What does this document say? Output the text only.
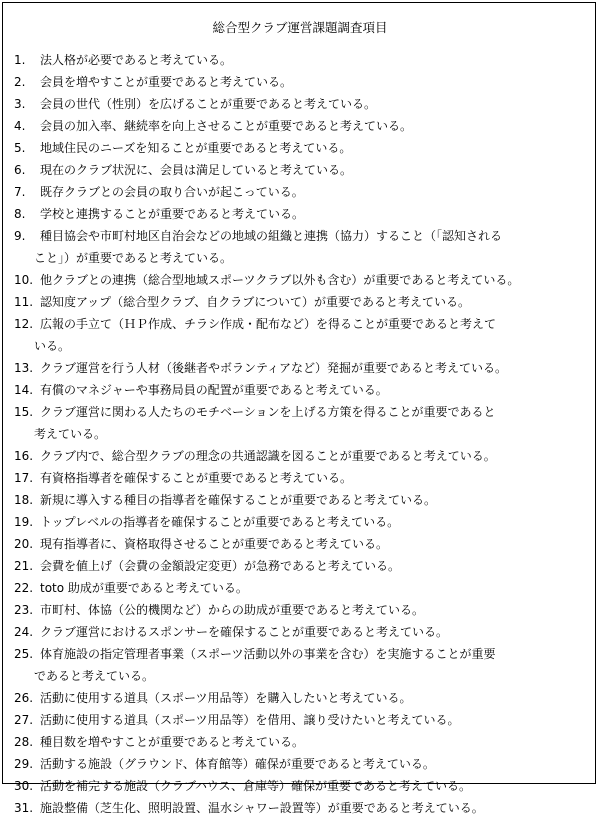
総合型クラブ運営課題調査項目
1. 法人格が必要であると考えている。
2. 会員を増やすことが重要であると考えている。
3. 会員の世代（性別）を広げることが重要であると考えている。
4. 会員の加入率、継続率を向上させることが重要であると考えている。
5. 地域住民のニーズを知ることが重要であると考えている。
6. 現在のクラブ状況に、会員は満足していると考えている。
7. 既存クラブとの会員の取り合いが起こっている。
8. 学校と連携することが重要であると考えている。
9. 種目協会や市町村地区自治会などの地域の組織と連携（協力）すること（「認知される
こと」）が重要であると考えている。
10. 他クラブとの連携（総合型地域スポーツクラブ以外も含む）が重要であると考えている。
11. 認知度アップ（総合型クラブ、自クラブについて）が重要であると考えている。
12. 広報の手立て（ＨＰ作成、チラシ作成・配布など）を得ることが重要であると考えて
いる。
13. クラブ運営を行う人材（後継者やボランティアなど）発掘が重要であると考えている。
14. 有償のマネジャーや事務局員の配置が重要であると考えている。
15. クラブ運営に関わる人たちのモチベーションを上げる方策を得ることが重要であると
考えている。
16. クラブ内で、総合型クラブの理念の共通認識を図ることが重要であると考えている。
17. 有資格指導者を確保することが重要であると考えている。
18. 新規に導入する種目の指導者を確保することが重要であると考えている。
19. トップレベルの指導者を確保することが重要であると考えている。
20. 現有指導者に、資格取得させることが重要であると考えている。
21. 会費を値上げ（会費の金額設定変更）が急務であると考えている。
22. toto 助成が重要であると考えている。
23. 市町村、体協（公的機関など）からの助成が重要であると考えている。
24. クラブ運営におけるスポンサーを確保することが重要であると考えている。
25. 体育施設の指定管理者事業（スポーツ活動以外の事業を含む）を実施することが重要
であると考えている。
26. 活動に使用する道具（スポーツ用品等）を購入したいと考えている。
27. 活動に使用する道具（スポーツ用品等）を借用、譲り受けたいと考えている。
28. 種目数を増やすことが重要であると考えている。
29. 活動する施設（グラウンド、体育館等）確保が重要であると考えている。
30. 活動を補完する施設（クラブハウス、倉庫等）確保が重要であると考えている。
31. 施設整備（芝生化、照明設置、温水シャワー設置等）が重要であると考えている。
